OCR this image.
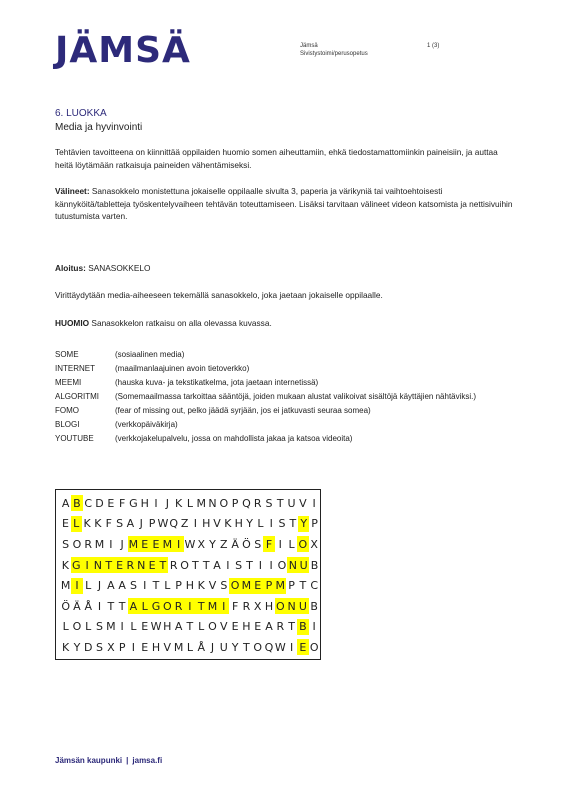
JÄMSÄ	Jämsä	1 (3)
Sivistystoimi/perusopetus
6. LUOKKA
Media ja hyvinvointi
Tehtävien tavoitteena on kiinnittää oppilaiden huomio somen aiheuttamiin, ehkä tiedostamattomiinkin paineisiin, ja auttaa heitä löytämään ratkaisuja paineiden vähentämiseksi.
Välineet: Sanasokkelo monistettuna jokaiselle oppilaalle sivulta 3, paperia ja värikyniä tai vaihtoehtoisesti kännyköitä/tabletteja työskentelyvaiheen tehtävän toteuttamiseen. Lisäksi tarvitaan välineet videon katsomista ja nettisivuihin tutustumista varten.
Aloitus: SANASOKKELO
Virittäydytään media-aiheeseen tekemällä sanasokkelo, joka jaetaan jokaiselle oppilaalle.
HUOMIO Sanasokkelon ratkaisu on alla olevassa kuvassa.
SOME	(sosiaalinen media)
INTERNET	(maailmanlaajuinen avoin tietoverkko)
MEEMI	(hauska kuva- ja tekstikatkelma, jota jaetaan internetissä)
ALGORITMI	(Somemaailmassa tarkoittaa sääntöjä, joiden mukaan alustat valikoivat sisältöjä käyttäjien nähtäviksi.)
FOMO	(fear of missing out, pelko jäädä syrjään, jos ei jatkuvasti seuraa somea)
BLOGI	(verkkopäiväkirja)
YOUTUBE	(verkkojakelupalvelu, jossa on mahdollista jakaa ja katsoa videoita)
A B C D E F G H I J K L M N O P Q R S T U V I
E L K K F S A J P W Q Z I H V K H Y L I S T Y P
S O R M I J M E E M I W X Y Z Ä Ö S F I L O X
K G I N T E R N E T R O T T A I S T I I O N U B
M I L J A A S I T L P H K V S O M E P M P T C
Ö Ä Å I T T A L G O R I T M I F R X H O N U B
L O L S M I L E W H A T L O V E H E A R T B I
K Y D S X P I E H V M L Å J U Y T O Q W I E O
Jämsän kaupunki | jamsa.fi
